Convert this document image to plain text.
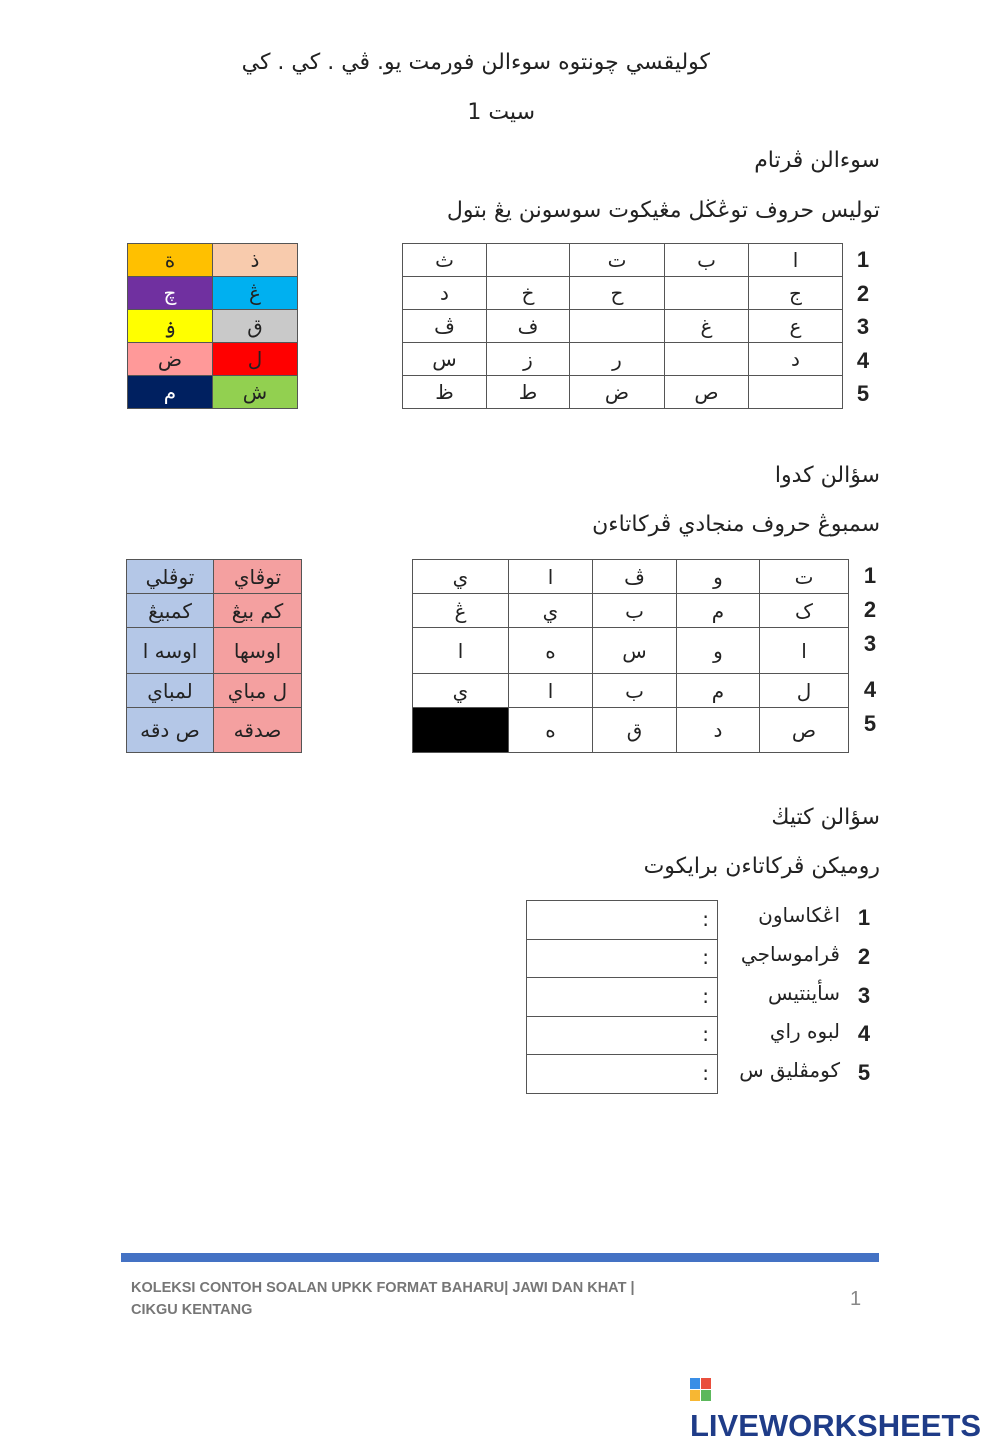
كوليقسي چونتوه سوءالن فورمت يو. ڤي . كي . كي
سيت 1
سوءالن ڤرتام
توليس حروف توڠڬل مڠيكوت سوسونن يڠ بتول
ا	ب	ت		ث
ج		ح	خ	د
ع	غ		ف	ڤ
د		ر	ز	س
	ص	ض	ط	ظ
1
2
3
4
5
ة	ذ
چ	ڠ
ۏ	ق
ض	ل
م	ش
سؤالن كدوا
سمبوڠ حروف منجادي ڤركاتاءن
ت	و	ڤ	ا	ي
ک	م	ب	ي	ڠ
ا	و	س	ه	ا
ل	م	ب	ا	ي
ص	د	ق	ه	
1
2
3
4
5
توڤاي	توڤلي
كم بيڠ	كمبيڠ
اوسها	اوسه ا
ل مباي	لمباي
صدقه	ص دقه
سؤالن كتيڬ
روميكن ڤركاتاءن برايكوت
:	اڠكاساون 1
:	ڤراموساجي 2
:	سأينتيس 3
:	لبوه راي 4
:	كومڤليق س 5
KOLEKSI CONTOH SOALAN UPKK FORMAT BAHARU| JAWI DAN KHAT |
CIKGU KENTANG	1
LIVEWORKSHEETS
